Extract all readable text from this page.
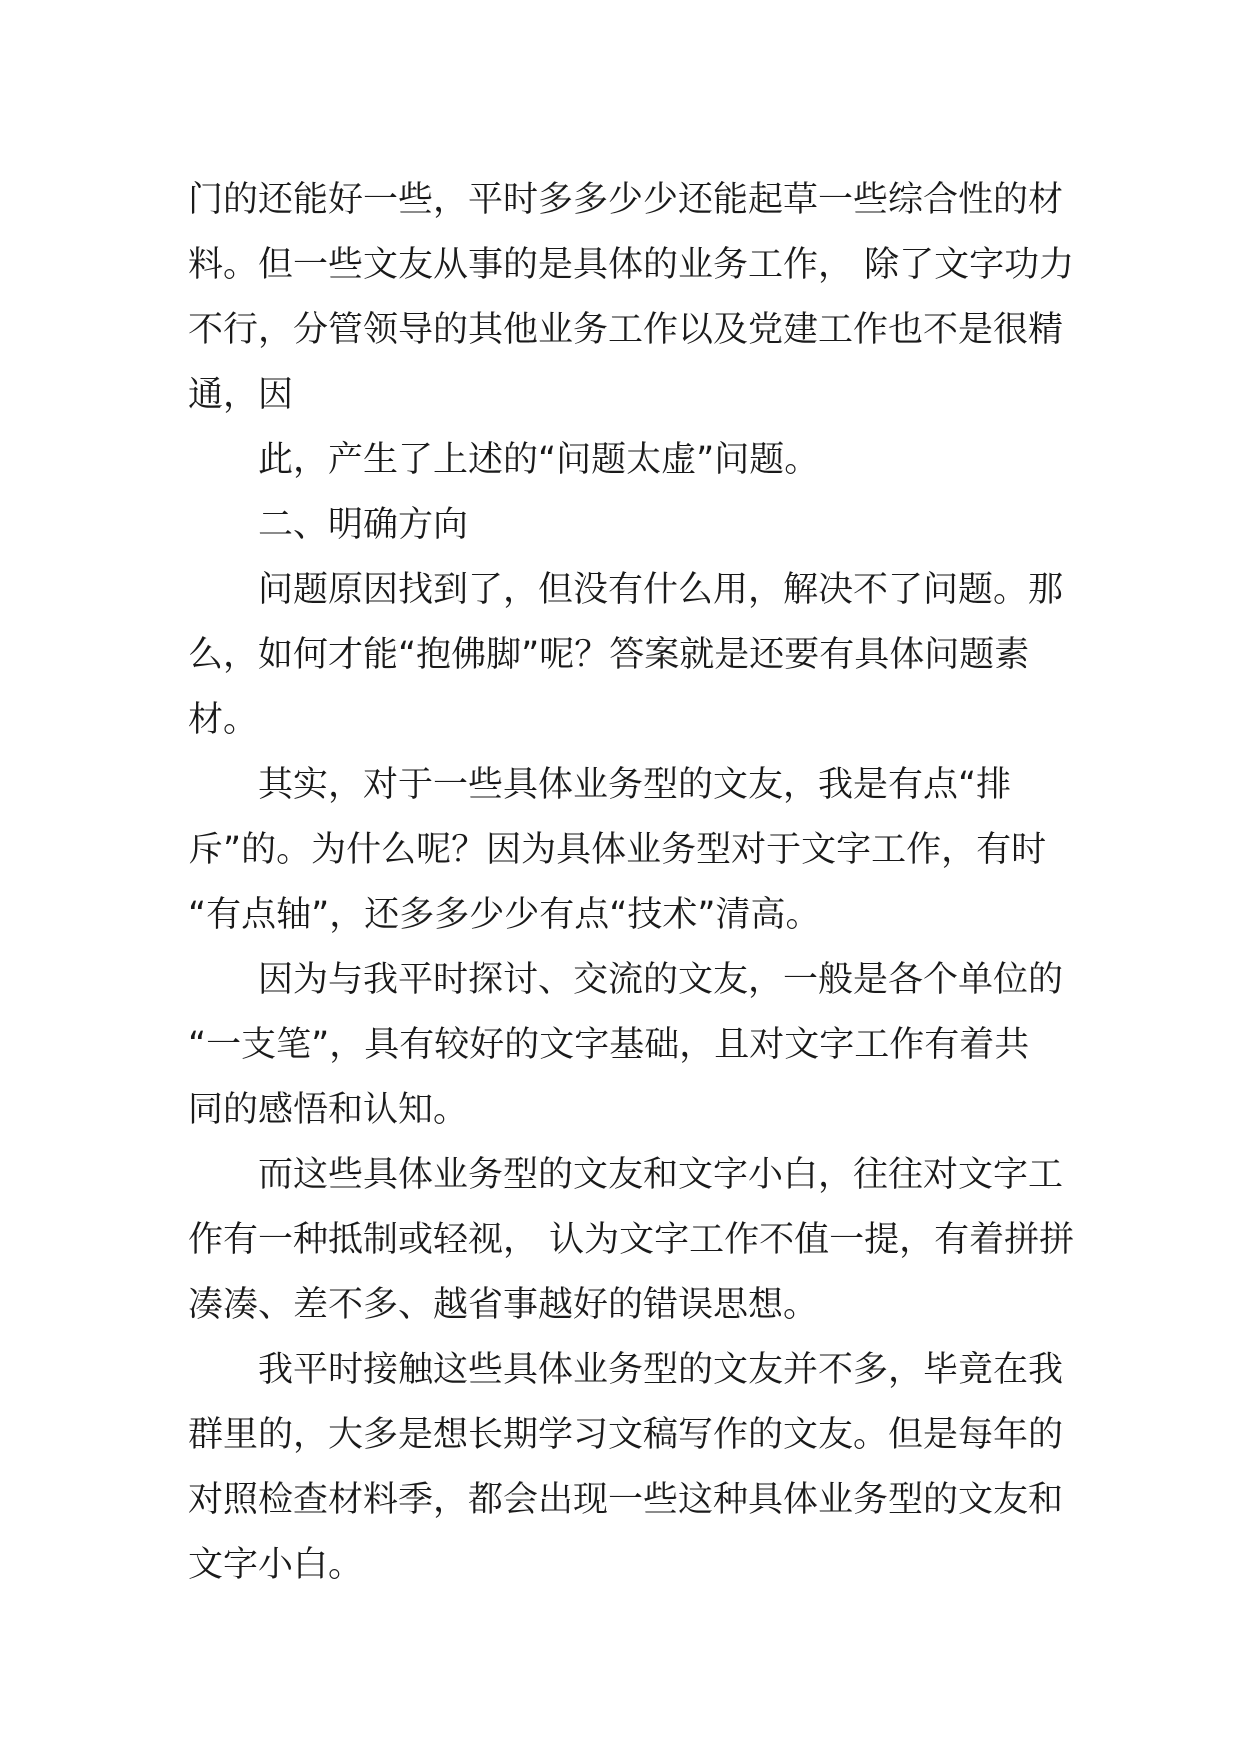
门的还能好一些，平时多多少少还能起草一些综合性的材
料。但一些文友从事的是具体的业务工作， 除了文字功力
不行，分管领导的其他业务工作以及党建工作也不是很精
通，因
此，产生了上述的“问题太虚”问题。
二、明确方向
问题原因找到了，但没有什么用，解决不了问题。那
么，如何才能“抱佛脚”呢？答案就是还要有具体问题素
材。
其实，对于一些具体业务型的文友，我是有点“排
斥”的。为什么呢？因为具体业务型对于文字工作，有时
“有点轴”，还多多少少有点“技术”清高。
因为与我平时探讨、交流的文友，一般是各个单位的
“一支笔”，具有较好的文字基础，且对文字工作有着共
同的感悟和认知。
而这些具体业务型的文友和文字小白，往往对文字工
作有一种抵制或轻视， 认为文字工作不值一提，有着拼拼
凑凑、差不多、越省事越好的错误思想。
我平时接触这些具体业务型的文友并不多，毕竟在我
群里的，大多是想长期学习文稿写作的文友。但是每年的
对照检查材料季，都会出现一些这种具体业务型的文友和
文字小白。
